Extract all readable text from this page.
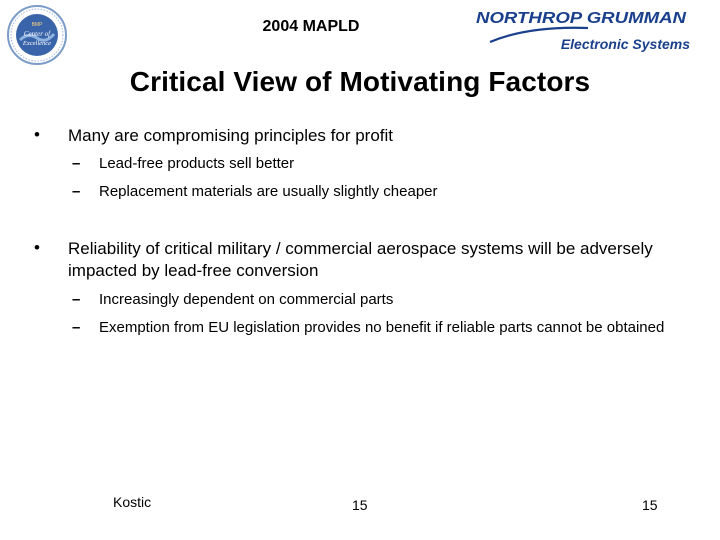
2004 MAPLD
BMP
Center of
Excellence
NORTHROP GRUMMAN
Electronic Systems
Critical View of Motivating Factors
• Many are compromising principles for profit
– Lead-free products sell better
– Replacement materials are usually slightly cheaper
• Reliability of critical military / commercial aerospace systems will be adversely impacted by lead-free conversion
– Increasingly dependent on commercial parts
– Exemption from EU legislation provides no benefit if reliable parts cannot be obtained
Kostic	15	15
